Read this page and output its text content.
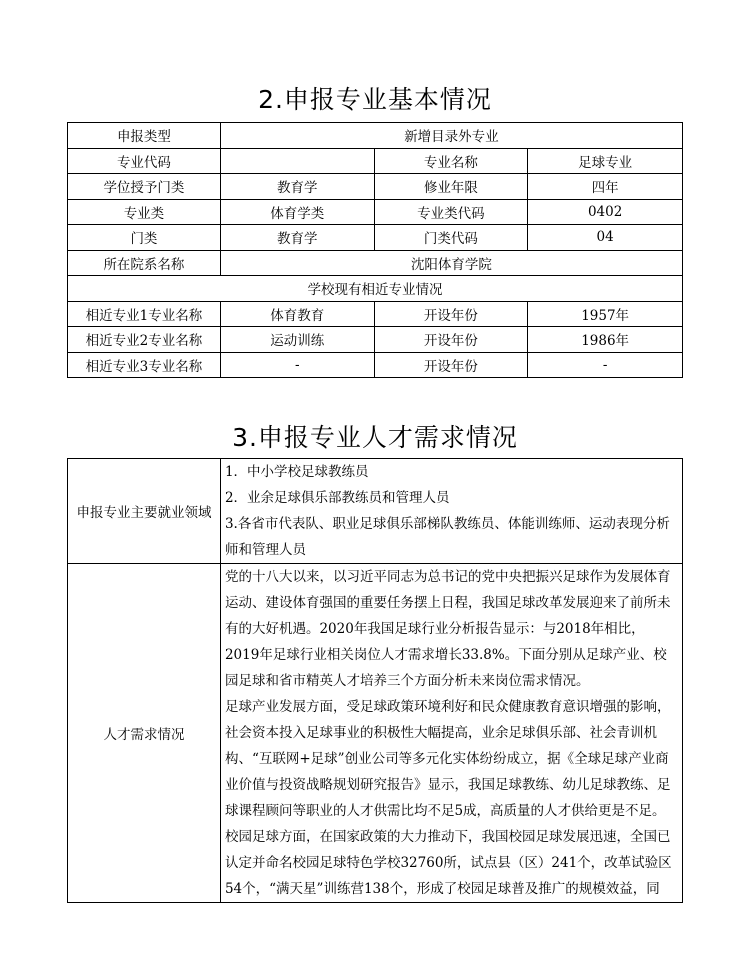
2.申报专业基本情况
申报类型	新增目录外专业		
专业代码		专业名称	足球专业
学位授予门类	教育学	修业年限	四年
专业类	体育学类	专业类代码	0402
门类	教育学	门类代码	04
所在院系名称	沈阳体育学院		
学校现有相近专业情况			
相近专业1专业名称	体育教育	开设年份	1957年
相近专业2专业名称	运动训练	开设年份	1986年
相近专业3专业名称	-	开设年份	-
3.申报专业人才需求情况
申报专业主要就业领域	1．中小学校足球教练员

2．业余足球俱乐部教练员和管理人员

3.各省市代表队、职业足球俱乐部梯队教练员、体能训练师、运动表现分析师和管理人员

人才需求情况	党的十八大以来，以习近平同志为总书记的党中央把振兴足球作为发展体育运动、建设体育强国的重要任务摆上日程，我国足球改革发展迎来了前所未有的大好机遇。2020年我国足球行业分析报告显示：与2018年相比，2019年足球行业相关岗位人才需求增长33.8%。下面分别从足球产业、校园足球和省市精英人才培养三个方面分析未来岗位需求情况。

足球产业发展方面，受足球政策环境利好和民众健康教育意识增强的影响，社会资本投入足球事业的积极性大幅提高，业余足球俱乐部、社会青训机构、“互联网+足球”创业公司等多元化实体纷纷成立，据《全球足球产业商业价值与投资战略规划研究报告》显示，我国足球教练、幼儿足球教练、足球课程顾问等职业的人才供需比均不足5成，高质量的人才供给更是不足。

校园足球方面，在国家政策的大力推动下，我国校园足球发展迅速，全国已认定并命名校园足球特色学校32760所，试点县（区）241个，改革试验区54个，“满天星”训练营138个，形成了校园足球普及推广的规模效益，同
